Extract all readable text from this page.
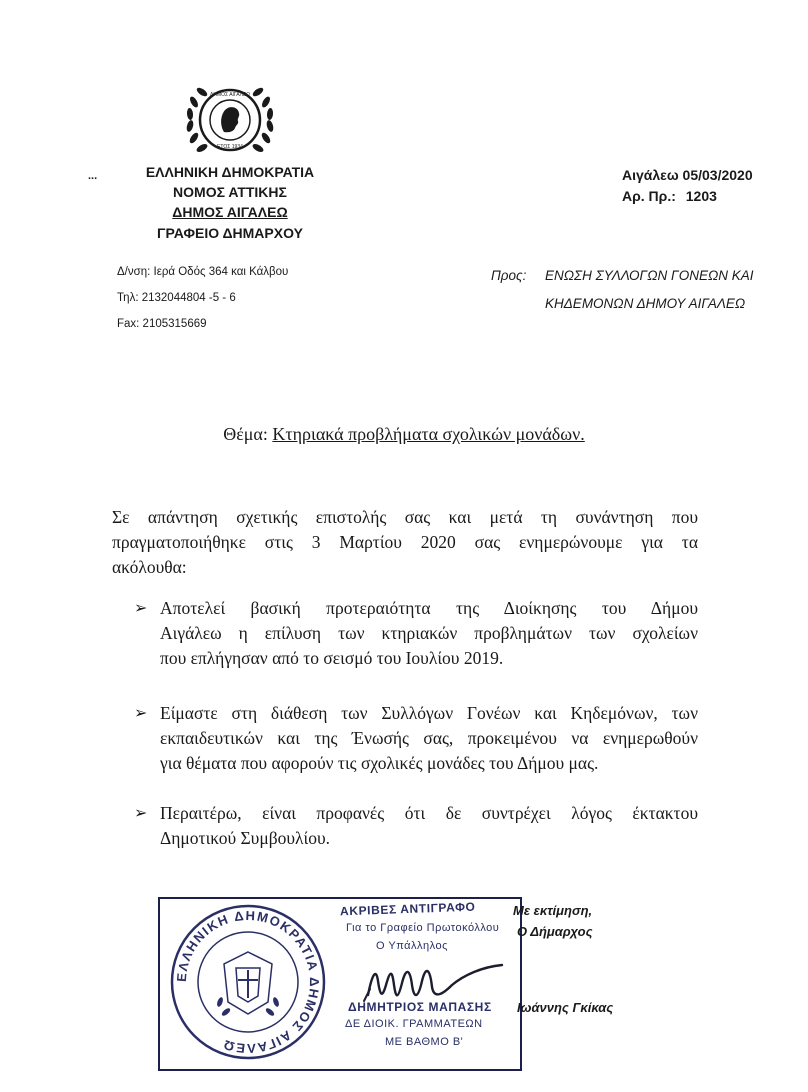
ΔΗΜΟΣ ΑΙΓΑΛΕΩ
ΕΤΟΣ 1934
...	ΕΛΛΗΝΙΚΗ ΔΗΜΟΚΡΑΤΙΑ
ΝΟΜΟΣ ΑΤΤΙΚΗΣ
ΔΗΜΟΣ ΑΙΓΑΛΕΩ
ΓΡΑΦΕΙΟ ΔΗΜΑΡΧΟΥ
Δ/νση: Ιερά Οδός 364 και Κάλβου
Τηλ: 2132044804 -5 - 6
Fax: 2105315669
Αιγάλεω 05/03/2020
Αρ. Πρ.: 1203
Προς: ΕΝΩΣΗ ΣΥΛΛΟΓΩΝ ΓΟΝΕΩΝ ΚΑΙ
ΚΗΔΕΜΟΝΩΝ ΔΗΜΟΥ ΑΙΓΑΛΕΩ
Θέμα: Κτηριακά προβλήματα σχολικών μονάδων.
Σε απάντηση σχετικής επιστολής σας και μετά τη συνάντηση που
πραγματοποιήθηκε στις 3 Μαρτίου 2020 σας ενημερώνουμε για τα
ακόλουθα:
➢ Αποτελεί βασική προτεραιότητα της Διοίκησης του Δήμου
Αιγάλεω η επίλυση των κτηριακών προβλημάτων των σχολείων
που επλήγησαν από το σεισμό του Ιουλίου 2019.
➢ Είμαστε στη διάθεση των Συλλόγων Γονέων και Κηδεμόνων, των
εκπαιδευτικών και της Ένωσής σας, προκειμένου να ενημερωθούν
για θέματα που αφορούν τις σχολικές μονάδες του Δήμου μας.
➢ Περαιτέρω, είναι προφανές ότι δε συντρέχει λόγος έκτακτου
Δημοτικού Συμβουλίου.
ΕΛΛΗΝΙΚΗ ΔΗΜΟΚΡΑΤΙΑ ΔΗΜΟΣ ΑΙΓΑΛΕΩ
ΑΚΡΙΒΕΣ ΑΝΤΙΓΡΑΦΟ
Για το Γραφείο Πρωτοκόλλου
Ο Υπάλληλος
ΔΗΜΗΤΡΙΟΣ ΜΑΠΑΣΗΣ
ΔΕ ΔΙΟΙΚ. ΓΡΑΜΜΑΤΕΩΝ
ΜΕ ΒΑΘΜΟ Β'
Με εκτίμηση,
Ο Δήμαρχος
Ιωάννης Γκίκας
